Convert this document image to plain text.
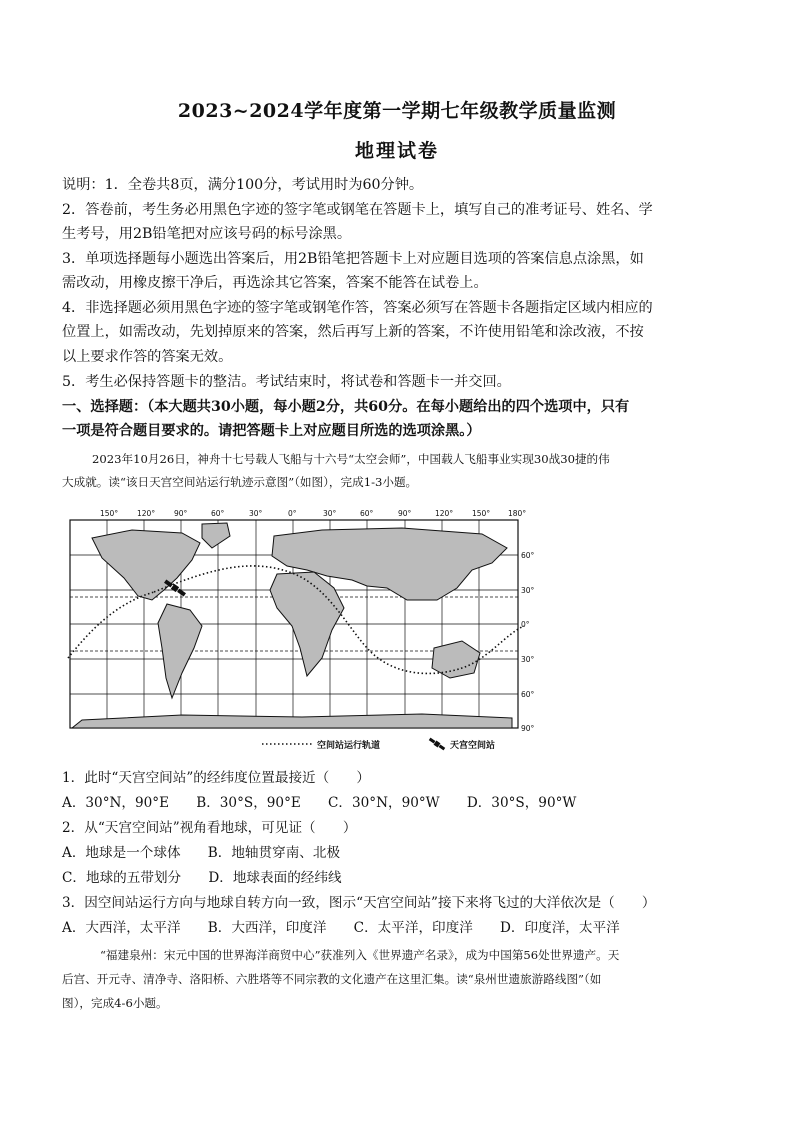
2023~2024学年度第一学期七年级教学质量监测
地理试卷
说明：1．全卷共8页，满分100分，考试用时为60分钟。
2．答卷前，考生务必用黑色字迹的签字笔或钢笔在答题卡上，填写自己的准考证号、姓名、学
生考号，用2B铅笔把对应该号码的标号涂黑。
3．单项选择题每小题选出答案后，用2B铅笔把答题卡上对应题目选项的答案信息点涂黑，如
需改动，用橡皮擦干净后，再选涂其它答案，答案不能答在试卷上。
4．非选择题必须用黑色字迹的签字笔或钢笔作答，答案必须写在答题卡各题指定区域内相应的
位置上，如需改动，先划掉原来的答案，然后再写上新的答案，不许使用铅笔和涂改液，不按
以上要求作答的答案无效。
5．考生必保持答题卡的整洁。考试结束时，将试卷和答题卡一并交回。
一、选择题：（本大题共30小题，每小题2分，共60分。在每小题给出的四个选项中，只有
一项是符合题目要求的。请把答题卡上对应题目所选的选项涂黑。）
2023年10月26日，神舟十七号载人飞船与十六号“太空会师”，中国载人飞船事业实现30战30捷的伟
大成就。读“该日天宫空间站运行轨迹示意图”（如图），完成1-3小题。
150°	120°	90°	60°	30°	0°	30°	60°	90°	120°	150° 180°
60°
30°
0°
30°
60°
90°
空间站运行轨道	天宫空间站
1．此时“天宫空间站”的经纬度位置最接近（　　）
A．30°N，90°E　　B．30°S，90°E　　C．30°N，90°W　　D．30°S，90°W
2．从“天宫空间站”视角看地球，可见证（　　）
A．地球是一个球体　　B．地轴贯穿南、北极
C．地球的五带划分　　D．地球表面的经纬线
3．因空间站运行方向与地球自转方向一致，图示“天宫空间站”接下来将飞过的大洋依次是（　　）
A．大西洋，太平洋　　B．大西洋，印度洋　　C．太平洋，印度洋　　D．印度洋，太平洋
“福建泉州：宋元中国的世界海洋商贸中心”获准列入《世界遗产名录》，成为中国第56处世界遗产。天
后宫、开元寺、清净寺、洛阳桥、六胜塔等不同宗教的文化遗产在这里汇集。读“泉州世遗旅游路线图”（如
图），完成4-6小题。
